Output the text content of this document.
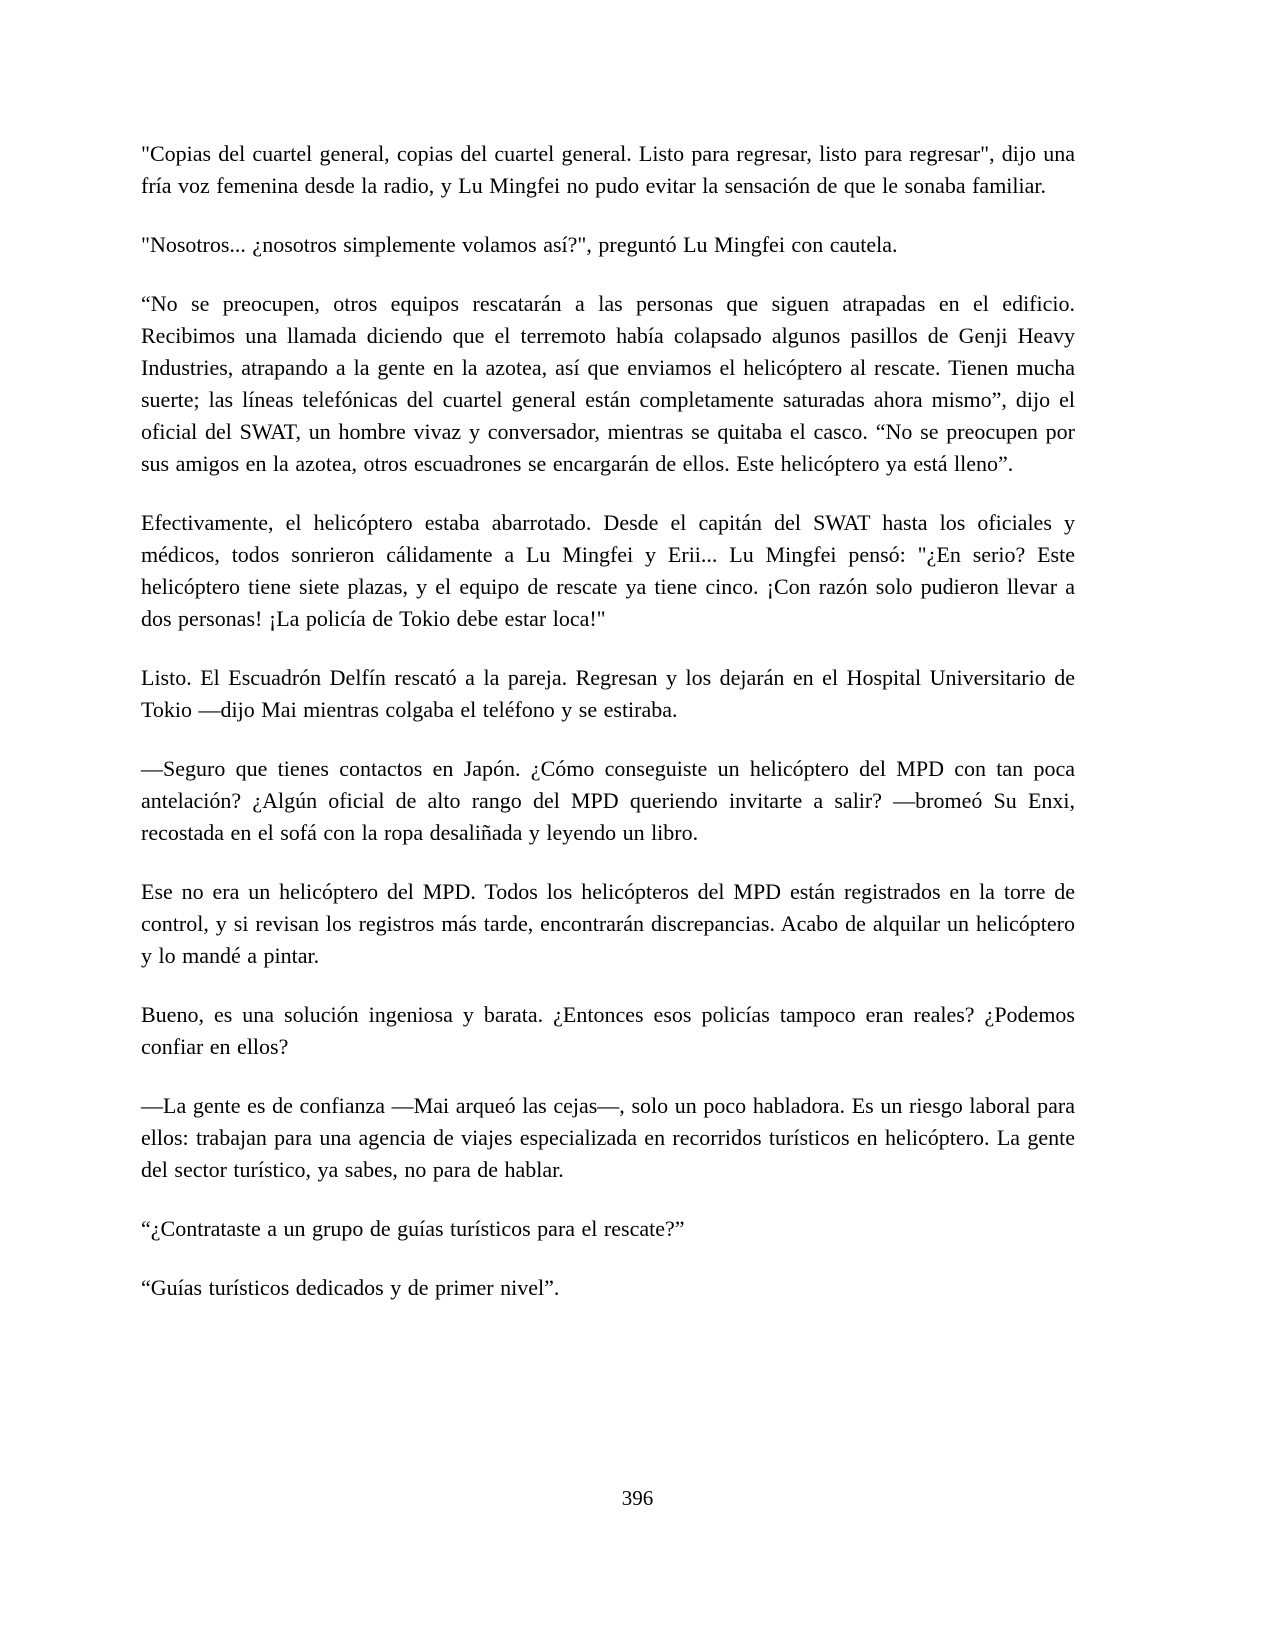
"Copias del cuartel general, copias del cuartel general. Listo para regresar, listo para regresar", dijo una fría voz femenina desde la radio, y Lu Mingfei no pudo evitar la sensación de que le sonaba familiar.

"Nosotros... ¿nosotros simplemente volamos así?", preguntó Lu Mingfei con cautela.

“No se preocupen, otros equipos rescatarán a las personas que siguen atrapadas en el edificio. Recibimos una llamada diciendo que el terremoto había colapsado algunos pasillos de Genji Heavy Industries, atrapando a la gente en la azotea, así que enviamos el helicóptero al rescate. Tienen mucha suerte; las líneas telefónicas del cuartel general están completamente saturadas ahora mismo”, dijo el oficial del SWAT, un hombre vivaz y conversador, mientras se quitaba el casco. “No se preocupen por sus amigos en la azotea, otros escuadrones se encargarán de ellos. Este helicóptero ya está lleno”.

Efectivamente, el helicóptero estaba abarrotado. Desde el capitán del SWAT hasta los oficiales y médicos, todos sonrieron cálidamente a Lu Mingfei y Erii... Lu Mingfei pensó: "¿En serio? Este helicóptero tiene siete plazas, y el equipo de rescate ya tiene cinco. ¡Con razón solo pudieron llevar a dos personas! ¡La policía de Tokio debe estar loca!"

Listo. El Escuadrón Delfín rescató a la pareja. Regresan y los dejarán en el Hospital Universitario de Tokio —dijo Mai mientras colgaba el teléfono y se estiraba.

—Seguro que tienes contactos en Japón. ¿Cómo conseguiste un helicóptero del MPD con tan poca antelación? ¿Algún oficial de alto rango del MPD queriendo invitarte a salir? —bromeó Su Enxi, recostada en el sofá con la ropa desaliñada y leyendo un libro.

Ese no era un helicóptero del MPD. Todos los helicópteros del MPD están registrados en la torre de control, y si revisan los registros más tarde, encontrarán discrepancias. Acabo de alquilar un helicóptero y lo mandé a pintar.

Bueno, es una solución ingeniosa y barata. ¿Entonces esos policías tampoco eran reales? ¿Podemos confiar en ellos?

—La gente es de confianza —Mai arqueó las cejas—, solo un poco habladora. Es un riesgo laboral para ellos: trabajan para una agencia de viajes especializada en recorridos turísticos en helicóptero. La gente del sector turístico, ya sabes, no para de hablar.

“¿Contrataste a un grupo de guías turísticos para el rescate?”

“Guías turísticos dedicados y de primer nivel”.

396
